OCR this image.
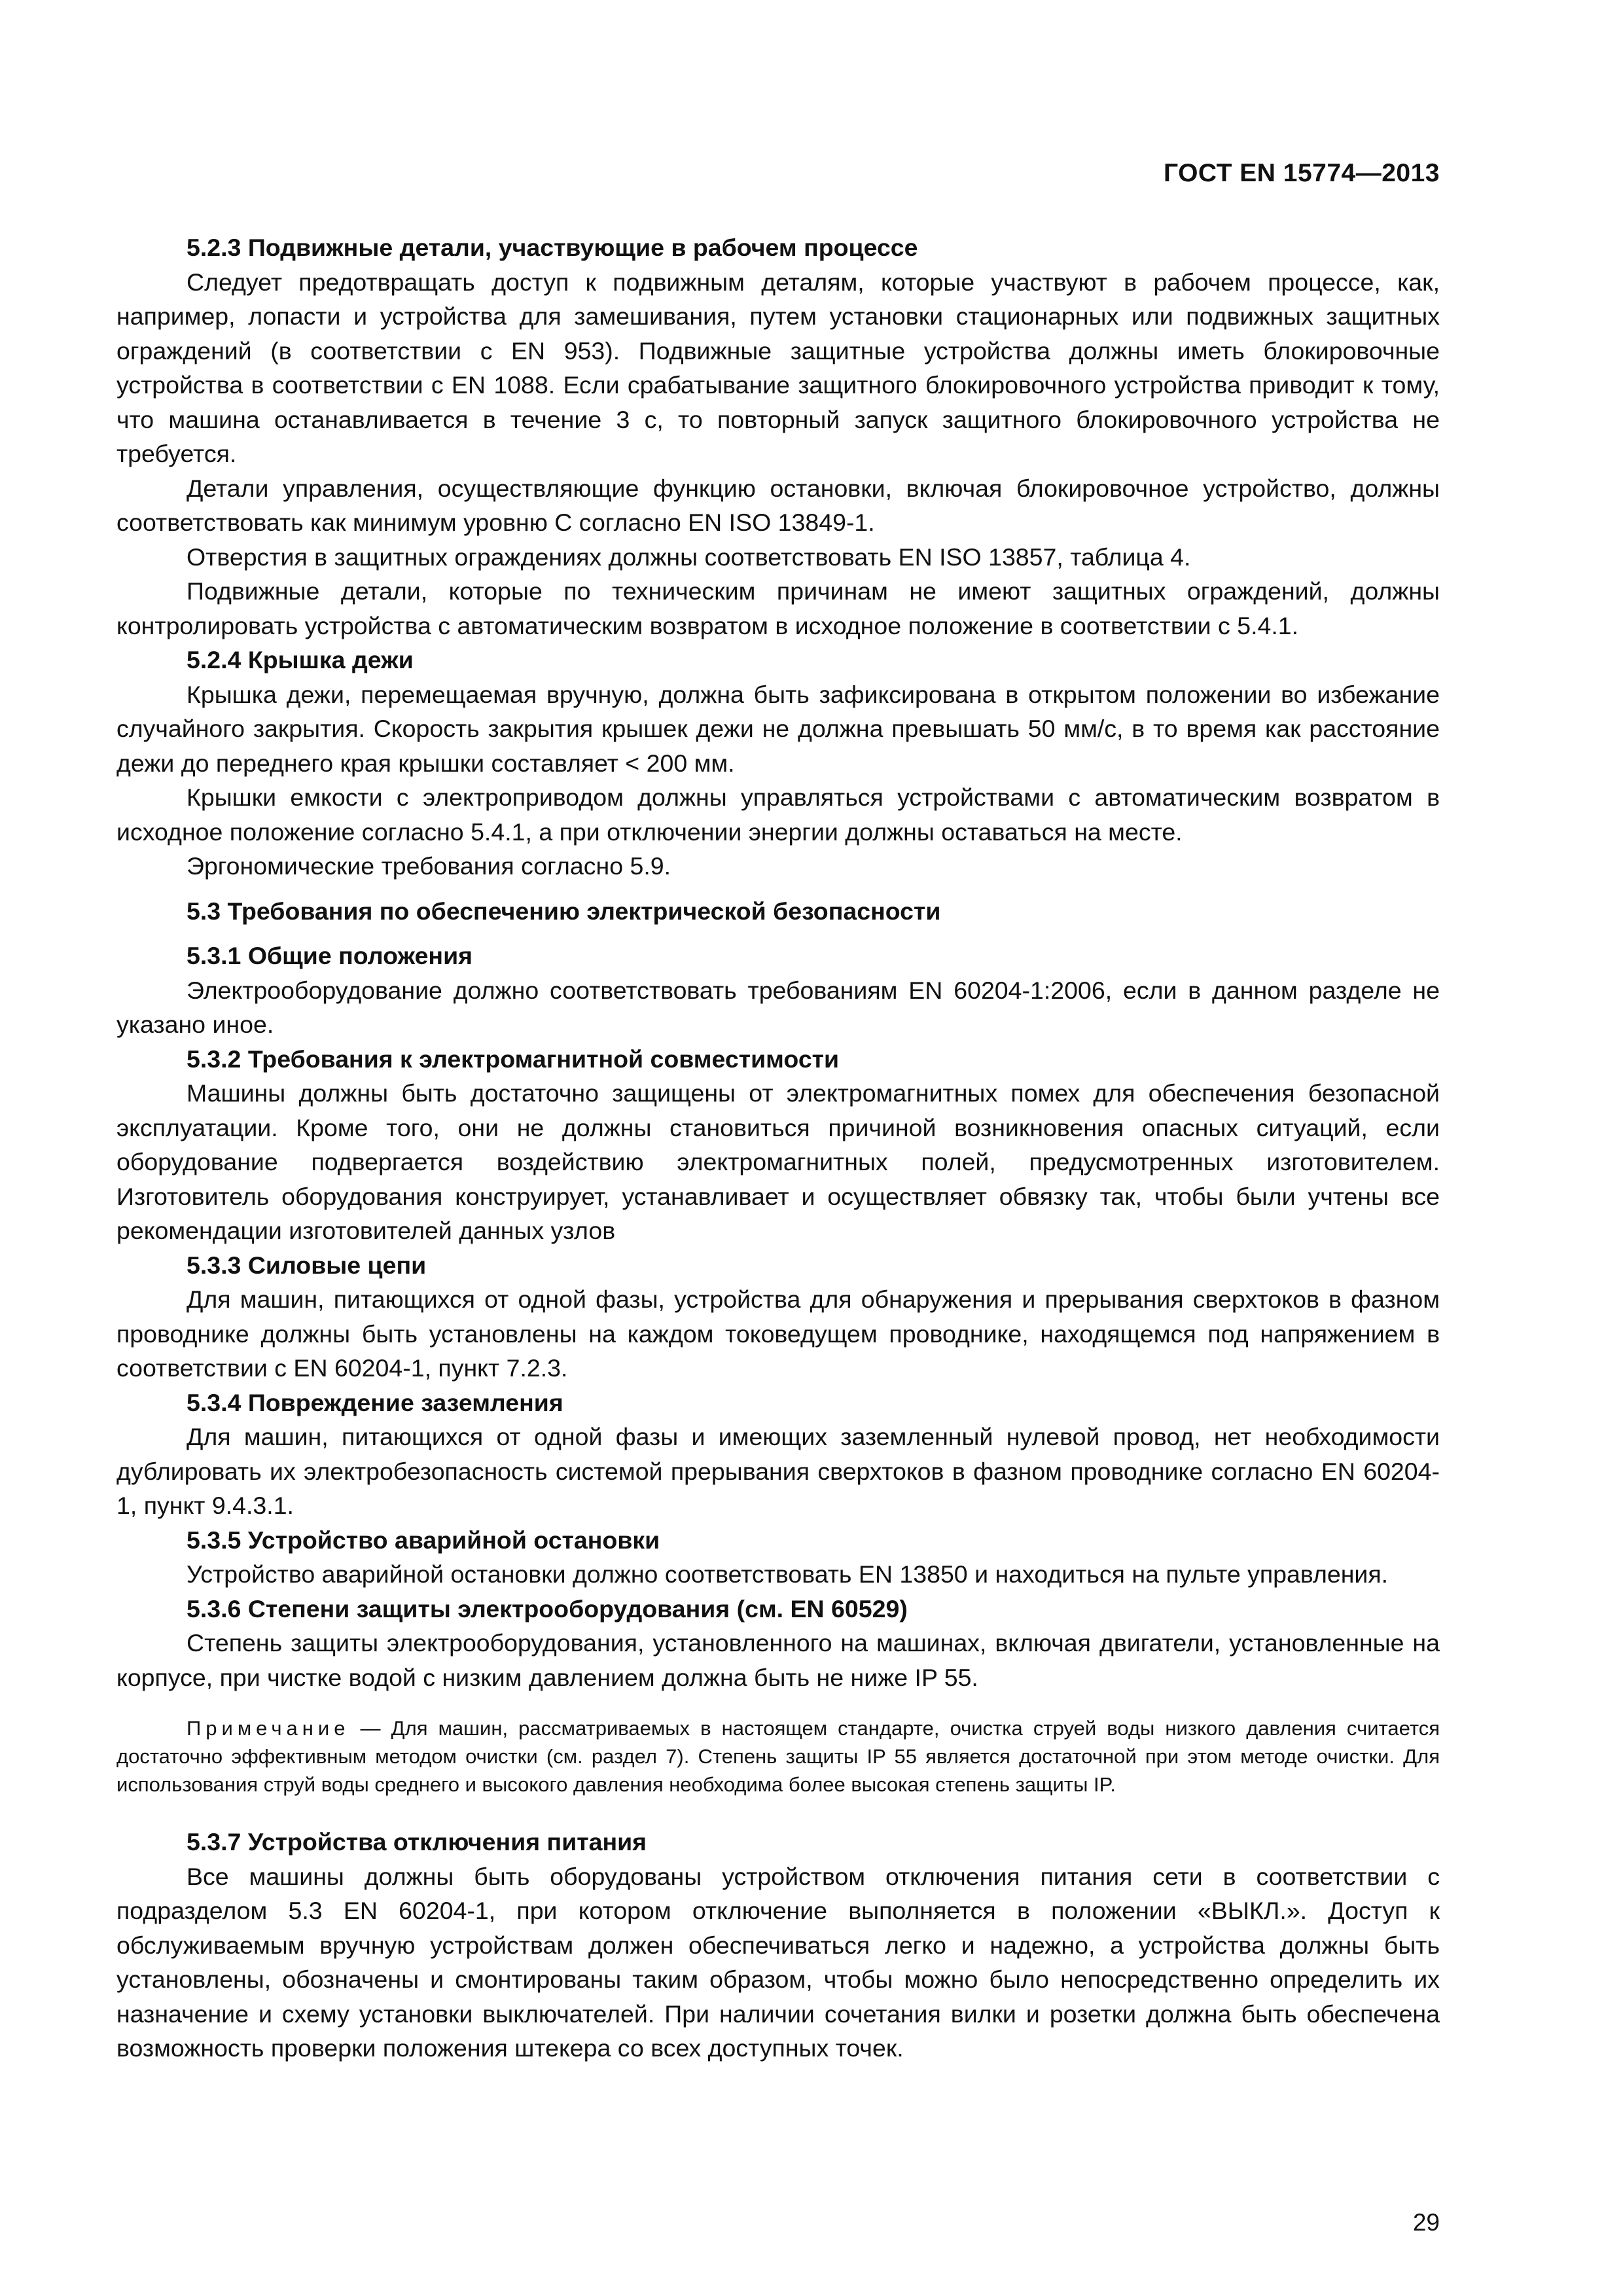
ГОСТ EN 15774—2013
5.2.3 Подвижные детали, участвующие в рабочем процессе

Следует предотвращать доступ к подвижным деталям, которые участвуют в рабочем процессе, как, например, лопасти и устройства для замешивания, путем установки стационарных или подвижных защитных ограждений (в соответствии с EN 953). Подвижные защитные устройства должны иметь блокировочные устройства в соответствии с EN 1088. Если срабатывание защитного блокировочного устройства приводит к тому, что машина останавливается в течение 3 с, то повторный запуск защитного блокировочного устройства не требуется.

Детали управления, осуществляющие функцию остановки, включая блокировочное устройство, должны соответствовать как минимум уровню С согласно EN ISO 13849-1.

Отверстия в защитных ограждениях должны соответствовать EN ISO 13857, таблица 4.

Подвижные детали, которые по техническим причинам не имеют защитных ограждений, должны контролировать устройства с автоматическим возвратом в исходное положение в соответствии с 5.4.1.

5.2.4 Крышка дежи

Крышка дежи, перемещаемая вручную, должна быть зафиксирована в открытом положении во избежание случайного закрытия. Скорость закрытия крышек дежи не должна превышать 50 мм/с, в то время как расстояние дежи до переднего края крышки составляет < 200 мм.

Крышки емкости с электроприводом должны управляться устройствами с автоматическим возвратом в исходное положение согласно 5.4.1, а при отключении энергии должны оставаться на месте.

Эргономические требования согласно 5.9.

5.3 Требования по обеспечению электрической безопасности
5.3.1 Общие положения

Электрооборудование должно соответствовать требованиям EN 60204-1:2006, если в данном разделе не указано иное.

5.3.2 Требования к электромагнитной совместимости

Машины должны быть достаточно защищены от электромагнитных помех для обеспечения безопасной эксплуатации. Кроме того, они не должны становиться причиной возникновения опасных ситуаций, если оборудование подвергается воздействию электромагнитных полей, предусмотренных изготовителем. Изготовитель оборудования конструирует, устанавливает и осуществляет обвязку так, чтобы были учтены все рекомендации изготовителей данных узлов

5.3.3 Силовые цепи

Для машин, питающихся от одной фазы, устройства для обнаружения и прерывания сверхтоков в фазном проводнике должны быть установлены на каждом токоведущем проводнике, находящемся под напряжением в соответствии с EN 60204-1, пункт 7.2.3.

5.3.4 Повреждение заземления

Для машин, питающихся от одной фазы и имеющих заземленный нулевой провод, нет необходимости дублировать их электробезопасность системой прерывания сверхтоков в фазном проводнике согласно EN 60204-1, пункт 9.4.3.1.

5.3.5 Устройство аварийной остановки

Устройство аварийной остановки должно соответствовать EN 13850 и находиться на пульте управления.

5.3.6 Степени защиты электрооборудования (см. EN 60529)

Степень защиты электрооборудования, установленного на машинах, включая двигатели, установленные на корпусе, при чистке водой с низким давлением должна быть не ниже IP 55.

Примечание — Для машин, рассматриваемых в настоящем стандарте, очистка струей воды низкого давления считается достаточно эффективным методом очистки (см. раздел 7). Степень защиты IP 55 является достаточной при этом методе очистки. Для использования струй воды среднего и высокого давления необходима более высокая степень защиты IP.
5.3.7 Устройства отключения питания

Все машины должны быть оборудованы устройством отключения питания сети в соответствии с подразделом 5.3 EN 60204-1, при котором отключение выполняется в положении «ВЫКЛ.». Доступ к обслуживаемым вручную устройствам должен обеспечиваться легко и надежно, а устройства должны быть установлены, обозначены и смонтированы таким образом, чтобы можно было непосредственно определить их назначение и схему установки выключателей. При наличии сочетания вилки и розетки должна быть обеспечена возможность проверки положения штекера со всех доступных точек.

29
